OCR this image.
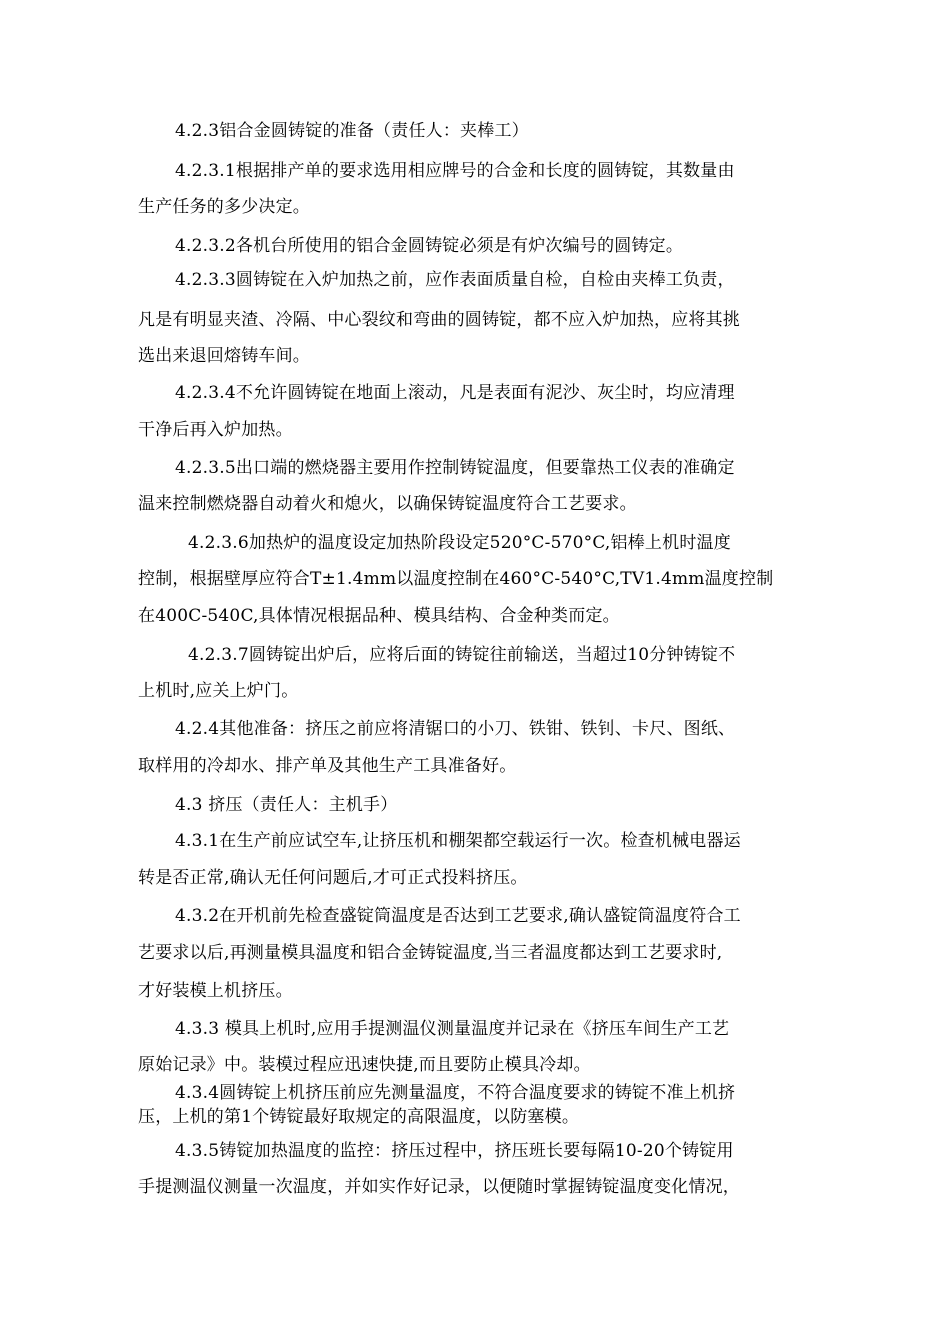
4.2.3铝合金圆铸锭的准备（责任人：夹棒工）
4.2.3.1根据排产单的要求选用相应牌号的合金和长度的圆铸锭，其数量由
生产任务的多少决定。
4.2.3.2各机台所使用的铝合金圆铸锭必须是有炉次编号的圆铸定。
4.2.3.3圆铸锭在入炉加热之前，应作表面质量自检，自检由夹棒工负责，
凡是有明显夹渣、冷隔、中心裂纹和弯曲的圆铸锭，都不应入炉加热，应将其挑
选出来退回熔铸车间。
4.2.3.4不允许圆铸锭在地面上滚动，凡是表面有泥沙、灰尘时，均应清理
干净后再入炉加热。
4.2.3.5出口端的燃烧器主要用作控制铸锭温度，但要靠热工仪表的准确定
温来控制燃烧器自动着火和熄火，以确保铸锭温度符合工艺要求。
4.2.3.6加热炉的温度设定加热阶段设定520°C-570°C,铝棒上机时温度
控制，根据壁厚应符合T±1.4mm以温度控制在460°C-540°C,TV1.4mm温度控制
在400C-540C,具体情况根据品种、模具结构、合金种类而定。
4.2.3.7圆铸锭出炉后，应将后面的铸锭往前输送，当超过10分钟铸锭不
上机时,应关上炉门。
4.2.4其他准备：挤压之前应将清锯口的小刀、铁钳、铁钊、卡尺、图纸、
取样用的冷却水、排产单及其他生产工具准备好。
4.3 挤压（责任人：主机手）
4.3.1在生产前应试空车,让挤压机和棚架都空载运行一次。检查机械电器运
转是否正常,确认无任何问题后,才可正式投料挤压。
4.3.2在开机前先检查盛锭筒温度是否达到工艺要求,确认盛锭筒温度符合工
艺要求以后,再测量模具温度和铝合金铸锭温度,当三者温度都达到工艺要求时,
才好装模上机挤压。
4.3.3 模具上机时,应用手提测温仪测量温度并记录在《挤压车间生产工艺
原始记录》中。装模过程应迅速快捷,而且要防止模具冷却。
4.3.4圆铸锭上机挤压前应先测量温度，不符合温度要求的铸锭不准上机挤
压，上机的第1个铸锭最好取规定的高限温度，以防塞模。
4.3.5铸锭加热温度的监控：挤压过程中，挤压班长要每隔10-20个铸锭用
手提测温仪测量一次温度，并如实作好记录，以便随时掌握铸锭温度变化情况，
